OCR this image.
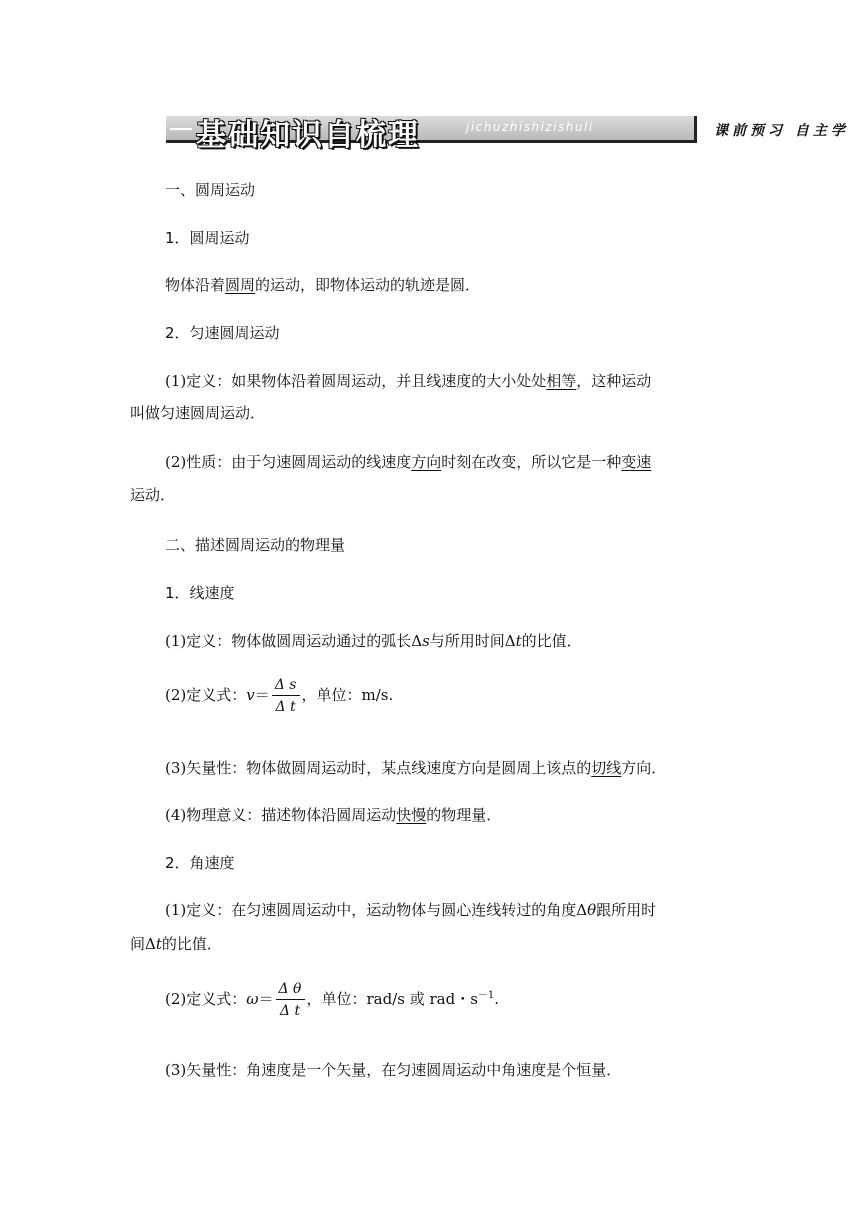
基础知识自梳理	jichuzhishizishuli	课前预习 自主学
一、圆周运动
1．圆周运动
物体沿着圆周的运动，即物体运动的轨迹是圆．
2．匀速圆周运动
(1)定义：如果物体沿着圆周运动，并且线速度的大小处处相等，这种运动
叫做匀速圆周运动．
(2)性质：由于匀速圆周运动的线速度方向时刻在改变，所以它是一种变速
运动．
二、描述圆周运动的物理量
1．线速度
(1)定义：物体做圆周运动通过的弧长Δs与所用时间Δt的比值．
(2)定义式：$v= \frac{\text{Δ s}}{\text{Δ t}}$ ，单位：m/s.
(3)矢量性：物体做圆周运动时，某点线速度方向是圆周上该点的切线方向．
(4)物理意义：描述物体沿圆周运动快慢的物理量．
2．角速度
(1)定义：在匀速圆周运动中，运动物体与圆心连线转过的角度Δθ跟所用时
间Δt的比值．
(2)定义式：$\omega= \frac{\text{Δ θ}}{\text{Δ t}}$ ，单位：rad/s 或 rad・$s^{-1}$.
(3)矢量性：角速度是一个矢量，在匀速圆周运动中角速度是个恒量．
